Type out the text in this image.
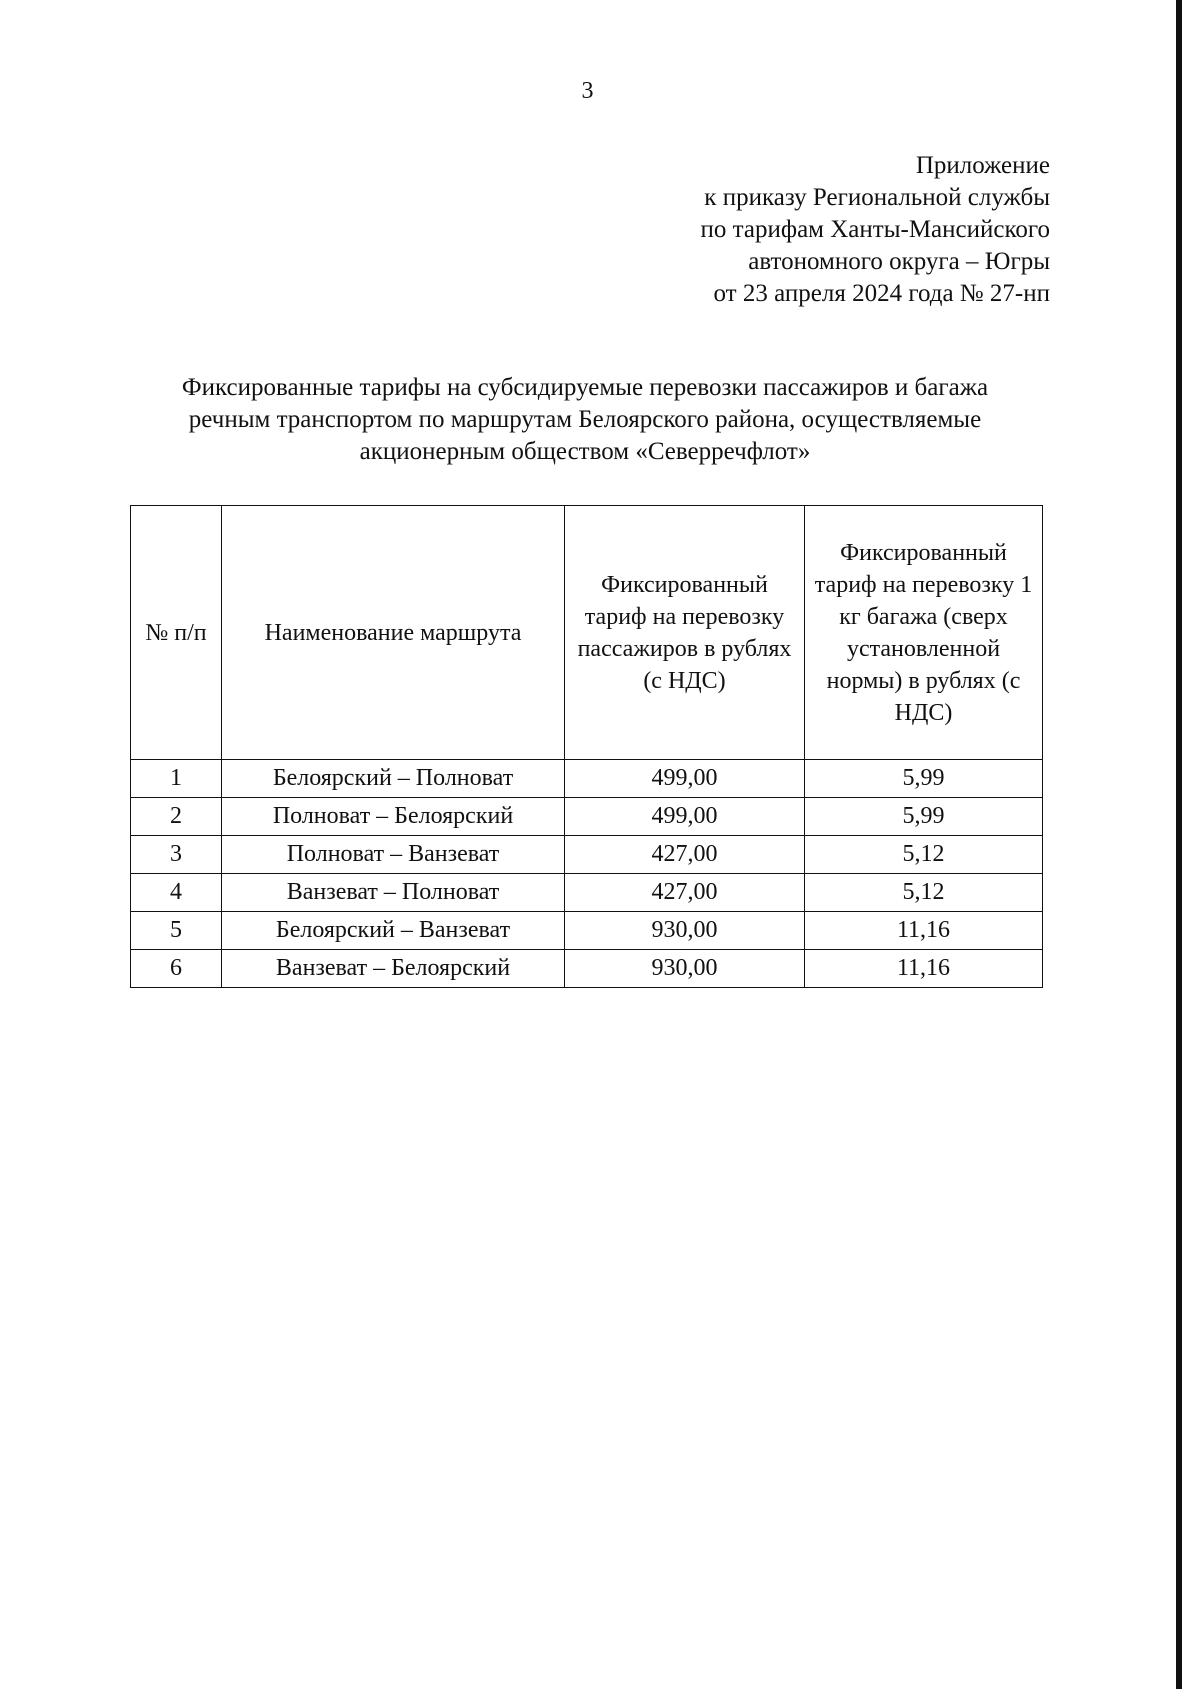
3
Приложение
к приказу Региональной службы
по тарифам Ханты-Мансийского
автономного округа – Югры
от 23 апреля 2024 года № 27-нп
Фиксированные тарифы на субсидируемые перевозки пассажиров и багажа
речным транспортом по маршрутам Белоярского района, осуществляемые
акционерным обществом «Северречфлот»
№ п/п	Наименование маршрута	Фиксированный тариф на перевозку пассажиров в рублях (с НДС)	Фиксированный тариф на перевозку 1 кг багажа (сверх установленной нормы) в рублях (с НДС)
1	Белоярский – Полноват	499,00	5,99
2	Полноват – Белоярский	499,00	5,99
3	Полноват – Ванзеват	427,00	5,12
4	Ванзеват – Полноват	427,00	5,12
5	Белоярский – Ванзеват	930,00	11,16
6	Ванзеват – Белоярский	930,00	11,16
